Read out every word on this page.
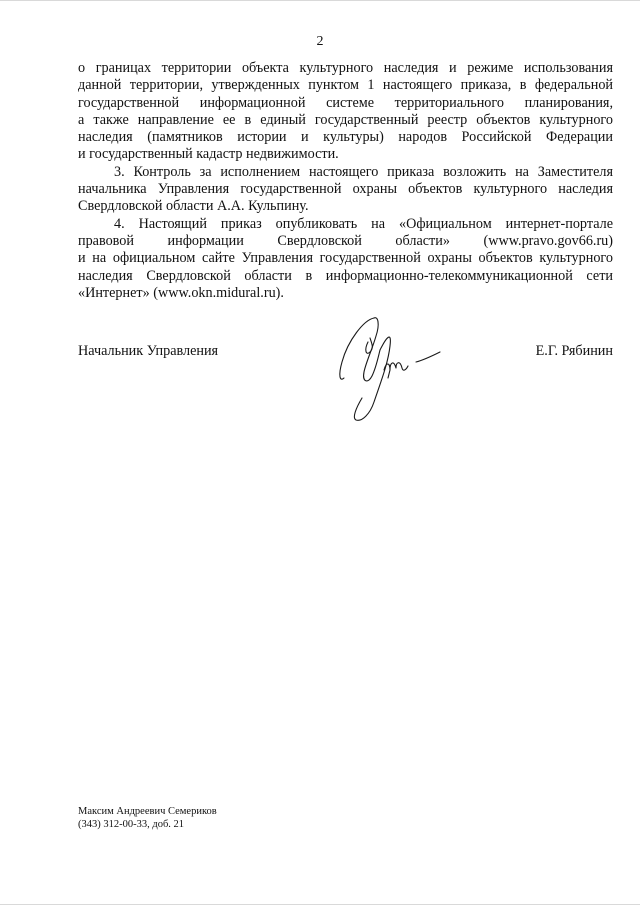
2

о границах территории объекта культурного наследия и режиме использования
данной территории, утвержденных пунктом 1 настоящего приказа, в федеральной
государственной информационной системе территориального планирования,
а также направление ее в единый государственный реестр объектов культурного
наследия (памятников истории и культуры) народов Российской Федерации
и государственный кадастр недвижимости.

3. Контроль за исполнением настоящего приказа возложить на Заместителя
начальника Управления государственной охраны объектов культурного наследия
Свердловской области А.А. Кульпину.

4. Настоящий приказ опубликовать на «Официальном интернет-портале
правовой информации Свердловской области» (www.pravo.gov66.ru)
и на официальном сайте Управления государственной охраны объектов культурного
наследия Свердловской области в информационно-телекоммуникационной сети
«Интернет» (www.okn.midural.ru).

Начальник Управления	Е.Г. Рябинин
Максим Андреевич Семериков
(343) 312-00-33, доб. 21
